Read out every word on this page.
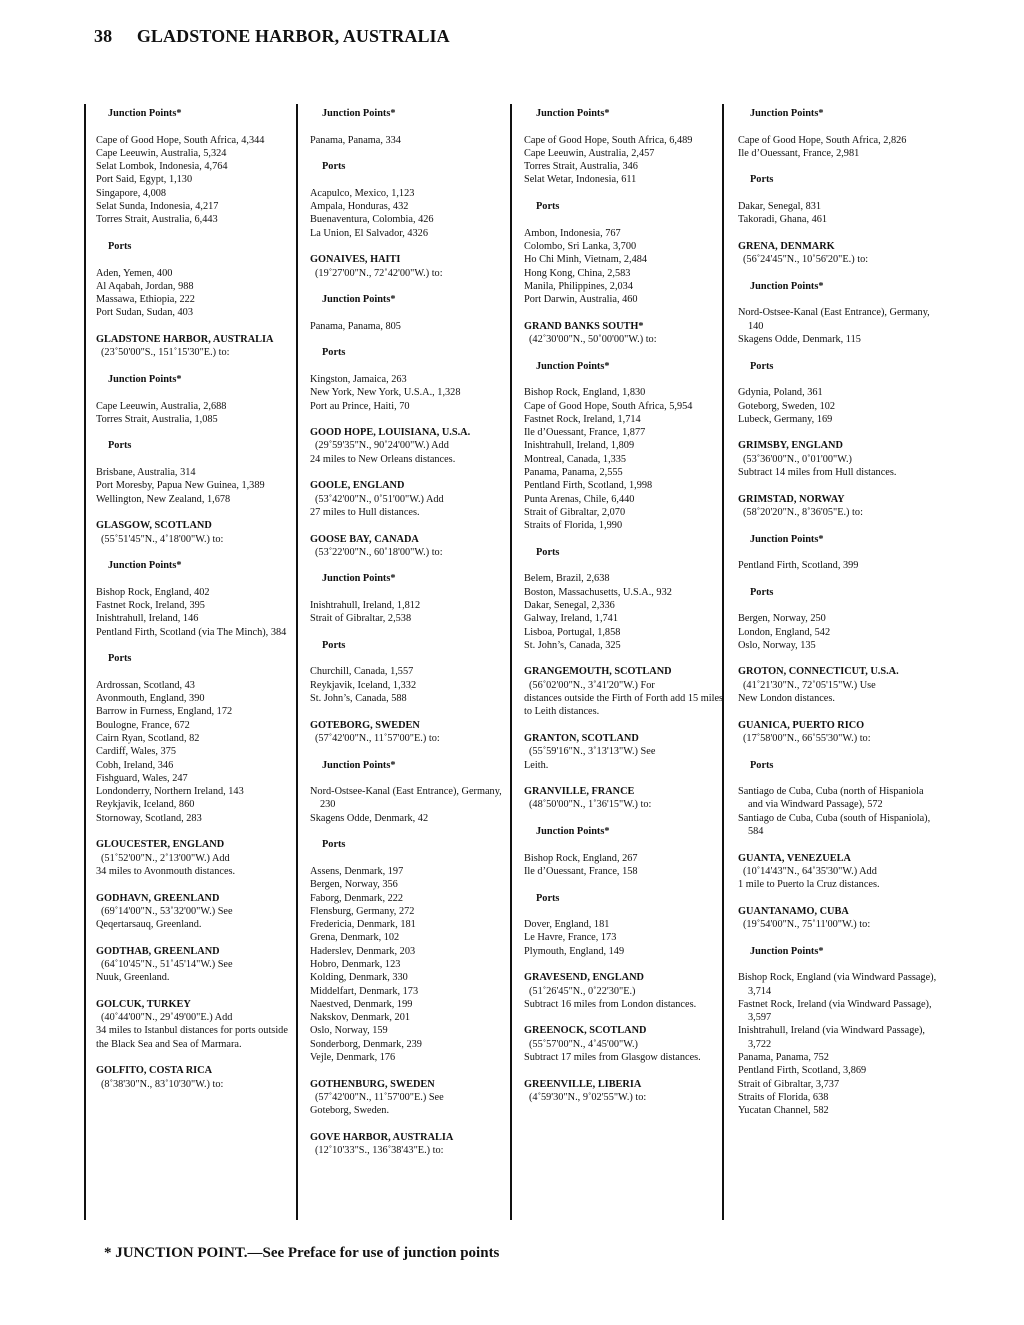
38 GLADSTONE HARBOR, AUSTRALIA
Junction Points*
Cape of Good Hope, South Africa, 4,344
Cape Leeuwin, Australia, 5,324
Selat Lombok, Indonesia, 4,764
Port Said, Egypt, 1,130
Singapore, 4,008
Selat Sunda, Indonesia, 4,217
Torres Strait, Australia, 6,443
Ports
Aden, Yemen, 400
Al Aqabah, Jordan, 988
Massawa, Ethiopia, 222
Port Sudan, Sudan, 403
GLADSTONE HARBOR, AUSTRALIA
(23˚50'00"S., 151˚15'30"E.) to:
Junction Points*
Cape Leeuwin, Australia, 2,688
Torres Strait, Australia, 1,085
Ports
Brisbane, Australia, 314
Port Moresby, Papua New Guinea, 1,389
Wellington, New Zealand, 1,678
GLASGOW, SCOTLAND
(55˚51'45"N., 4˚18'00"W.) to:
Junction Points*
Bishop Rock, England, 402
Fastnet Rock, Ireland, 395
Inishtrahull, Ireland, 146
Pentland Firth, Scotland (via The Minch), 384
Ports
Ardrossan, Scotland, 43
Avonmouth, England, 390
Barrow in Furness, England, 172
Boulogne, France, 672
Cairn Ryan, Scotland, 82
Cardiff, Wales, 375
Cobh, Ireland, 346
Fishguard, Wales, 247
Londonderry, Northern Ireland, 143
Reykjavik, Iceland, 860
Stornoway, Scotland, 283
GLOUCESTER, ENGLAND
(51˚52'00"N., 2˚13'00"W.) Add
34 miles to Avonmouth distances.
GODHAVN, GREENLAND
(69˚14'00"N., 53˚32'00"W.) See
Qeqertarsauq, Greenland.
GODTHAB, GREENLAND
(64˚10'45"N., 51˚45'14"W.) See
Nuuk, Greenland.
GOLCUK, TURKEY
(40˚44'00"N., 29˚49'00"E.) Add
34 miles to Istanbul distances for ports outside the Black Sea and Sea of Marmara.
GOLFITO, COSTA RICA
(8˚38'30"N., 83˚10'30"W.) to:
Junction Points*
Panama, Panama, 334
Ports
Acapulco, Mexico, 1,123
Ampala, Honduras, 432
Buenaventura, Colombia, 426
La Union, El Salvador, 4326
GONAIVES, HAITI
(19˚27'00"N., 72˚42'00"W.) to:
Junction Points*
Panama, Panama, 805
Ports
Kingston, Jamaica, 263
New York, New York, U.S.A., 1,328
Port au Prince, Haiti, 70
GOOD HOPE, LOUISIANA, U.S.A.
(29˚59'35"N., 90˚24'00"W.) Add
24 miles to New Orleans distances.
GOOLE, ENGLAND
(53˚42'00"N., 0˚51'00"W.) Add
27 miles to Hull distances.
GOOSE BAY, CANADA
(53˚22'00"N., 60˚18'00"W.) to:
Junction Points*
Inishtrahull, Ireland, 1,812
Strait of Gibraltar, 2,538
Ports
Churchill, Canada, 1,557
Reykjavik, Iceland, 1,332
St. John’s, Canada, 588
GOTEBORG, SWEDEN
(57˚42'00"N., 11˚57'00"E.) to:
Junction Points*
Nord-Ostsee-Kanal (East Entrance), Germany, 230
Skagens Odde, Denmark, 42
Ports
Assens, Denmark, 197
Bergen, Norway, 356
Faborg, Denmark, 222
Flensburg, Germany, 272
Fredericia, Denmark, 181
Grena, Denmark, 102
Haderslev, Denmark, 203
Hobro, Denmark, 123
Kolding, Denmark, 330
Middelfart, Denmark, 173
Naestved, Denmark, 199
Nakskov, Denmark, 201
Oslo, Norway, 159
Sonderborg, Denmark, 239
Vejle, Denmark, 176
GOTHENBURG, SWEDEN
(57˚42'00"N., 11˚57'00"E.) See
Goteborg, Sweden.
GOVE HARBOR, AUSTRALIA
(12˚10'33"S., 136˚38'43"E.) to:
Junction Points*
Cape of Good Hope, South Africa, 6,489
Cape Leeuwin, Australia, 2,457
Torres Strait, Australia, 346
Selat Wetar, Indonesia, 611
Ports
Ambon, Indonesia, 767
Colombo, Sri Lanka, 3,700
Ho Chi Minh, Vietnam, 2,484
Hong Kong, China, 2,583
Manila, Philippines, 2,034
Port Darwin, Australia, 460
GRAND BANKS SOUTH*
(42˚30'00"N., 50˚00'00"W.) to:
Junction Points*
Bishop Rock, England, 1,830
Cape of Good Hope, South Africa, 5,954
Fastnet Rock, Ireland, 1,714
Ile d’Ouessant, France, 1,877
Inishtrahull, Ireland, 1,809
Montreal, Canada, 1,335
Panama, Panama, 2,555
Pentland Firth, Scotland, 1,998
Punta Arenas, Chile, 6,440
Strait of Gibraltar, 2,070
Straits of Florida, 1,990
Ports
Belem, Brazil, 2,638
Boston, Massachusetts, U.S.A., 932
Dakar, Senegal, 2,336
Galway, Ireland, 1,741
Lisboa, Portugal, 1,858
St. John’s, Canada, 325
GRANGEMOUTH, SCOTLAND
(56˚02'00"N., 3˚41'20"W.) For
distances outside the Firth of Forth add 15 miles to Leith distances.
GRANTON, SCOTLAND
(55˚59'16"N., 3˚13'13"W.) See
Leith.
GRANVILLE, FRANCE
(48˚50'00"N., 1˚36'15"W.) to:
Junction Points*
Bishop Rock, England, 267
Ile d’Ouessant, France, 158
Ports
Dover, England, 181
Le Havre, France, 173
Plymouth, England, 149
GRAVESEND, ENGLAND
(51˚26'45"N., 0˚22'30"E.)
Subtract 16 miles from London distances.
GREENOCK, SCOTLAND
(55˚57'00"N., 4˚45'00"W.)
Subtract 17 miles from Glasgow distances.
GREENVILLE, LIBERIA
(4˚59'30"N., 9˚02'55"W.) to:
Junction Points*
Cape of Good Hope, South Africa, 2,826
Ile d’Ouessant, France, 2,981
Ports
Dakar, Senegal, 831
Takoradi, Ghana, 461
GRENA, DENMARK
(56˚24'45"N., 10˚56'20"E.) to:
Junction Points*
Nord-Ostsee-Kanal (East Entrance), Germany, 140
Skagens Odde, Denmark, 115
Ports
Gdynia, Poland, 361
Goteborg, Sweden, 102
Lubeck, Germany, 169
GRIMSBY, ENGLAND
(53˚36'00"N., 0˚01'00"W.)
Subtract 14 miles from Hull distances.
GRIMSTAD, NORWAY
(58˚20'20"N., 8˚36'05"E.) to:
Junction Points*
Pentland Firth, Scotland, 399
Ports
Bergen, Norway, 250
London, England, 542
Oslo, Norway, 135
GROTON, CONNECTICUT, U.S.A.
(41˚21'30"N., 72˚05'15"W.) Use
New London distances.
GUANICA, PUERTO RICO
(17˚58'00"N., 66˚55'30"W.) to:
Ports
Santiago de Cuba, Cuba (north of Hispaniola and via Windward Passage), 572
Santiago de Cuba, Cuba (south of Hispaniola), 584
GUANTA, VENEZUELA
(10˚14'43"N., 64˚35'30"W.) Add
1 mile to Puerto la Cruz distances.
GUANTANAMO, CUBA
(19˚54'00"N., 75˚11'00"W.) to:
Junction Points*
Bishop Rock, England (via Windward Passage), 3,714
Fastnet Rock, Ireland (via Windward Passage), 3,597
Inishtrahull, Ireland (via Windward Passage), 3,722
Panama, Panama, 752
Pentland Firth, Scotland, 3,869
Strait of Gibraltar, 3,737
Straits of Florida, 638
Yucatan Channel, 582
* JUNCTION POINT.—See Preface for use of junction points
